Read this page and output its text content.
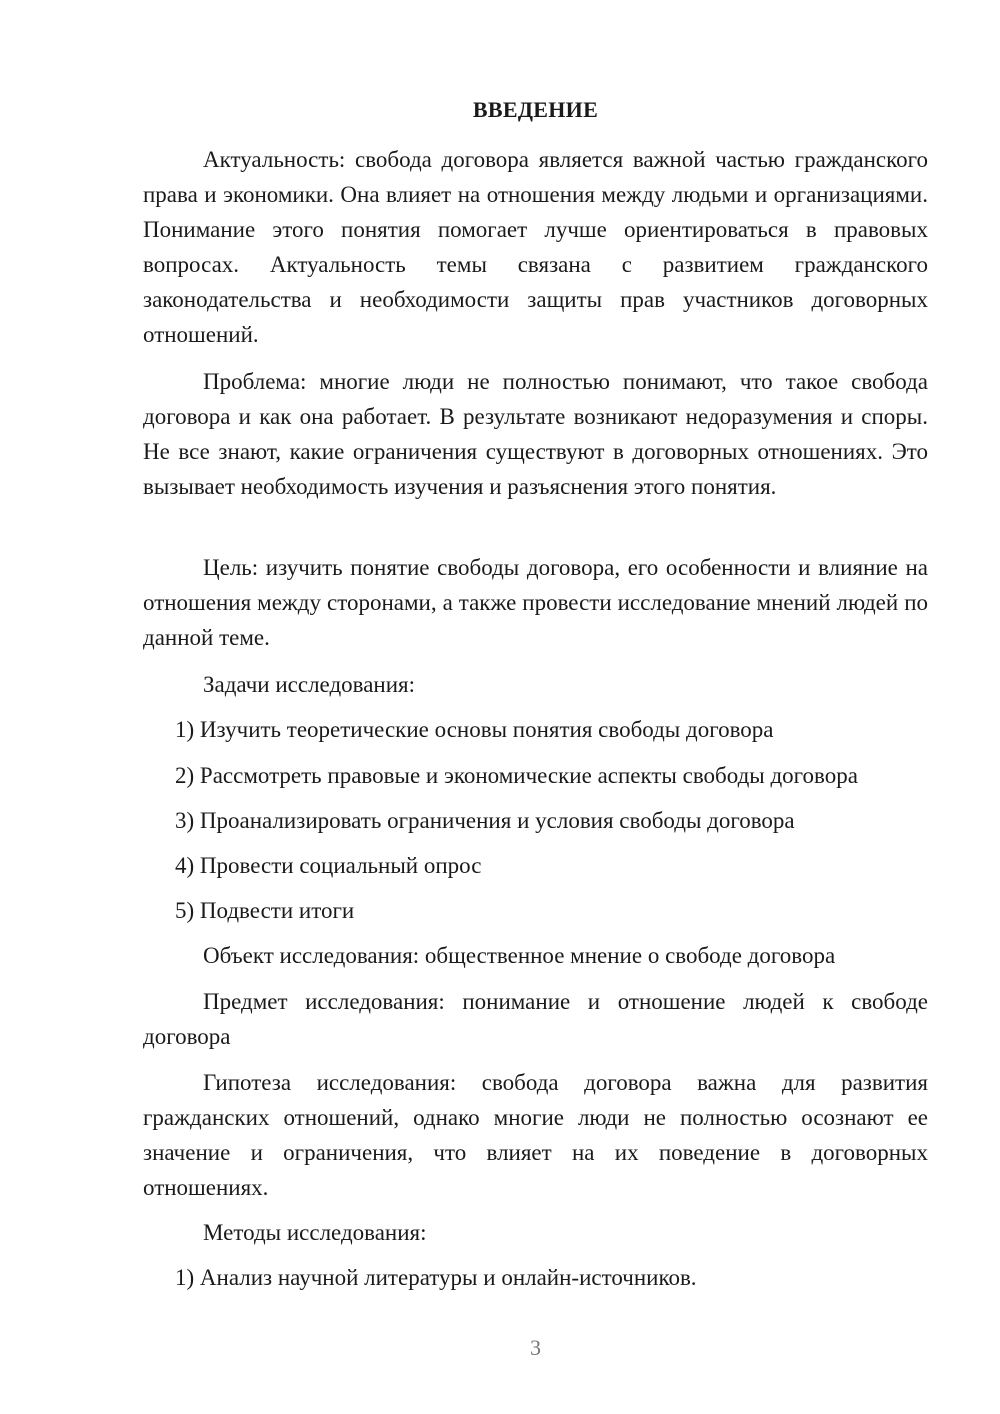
ВВЕДЕНИЕ
Актуальность: свобода договора является важной частью гражданского права и экономики. Она влияет на отношения между людьми и организациями. Понимание этого понятия помогает лучше ориентироваться в правовых вопросах. Актуальность темы связана с развитием гражданского законодательства и необходимости защиты прав участников договорных отношений.
Проблема: многие люди не полностью понимают, что такое свобода договора и как она работает. В результате возникают недоразумения и споры. Не все знают, какие ограничения существуют в договорных отношениях. Это вызывает необходимость изучения и разъяснения этого понятия.
Цель: изучить понятие свободы договора, его особенности и влияние на отношения между сторонами, а также провести исследование мнений людей по данной теме.
Задачи исследования:
1) Изучить теоретические основы понятия свободы договора
2) Рассмотреть правовые и экономические аспекты свободы договора
3) Проанализировать ограничения и условия свободы договора
4) Провести социальный опрос
5) Подвести итоги
Объект исследования: общественное мнение о свободе договора
Предмет исследования: понимание и отношение людей к свободе договора
Гипотеза исследования: свобода договора важна для развития гражданских отношений, однако многие люди не полностью осознают ее значение и ограничения, что влияет на их поведение в договорных отношениях.
Методы исследования:
1) Анализ научной литературы и онлайн-источников.
3
